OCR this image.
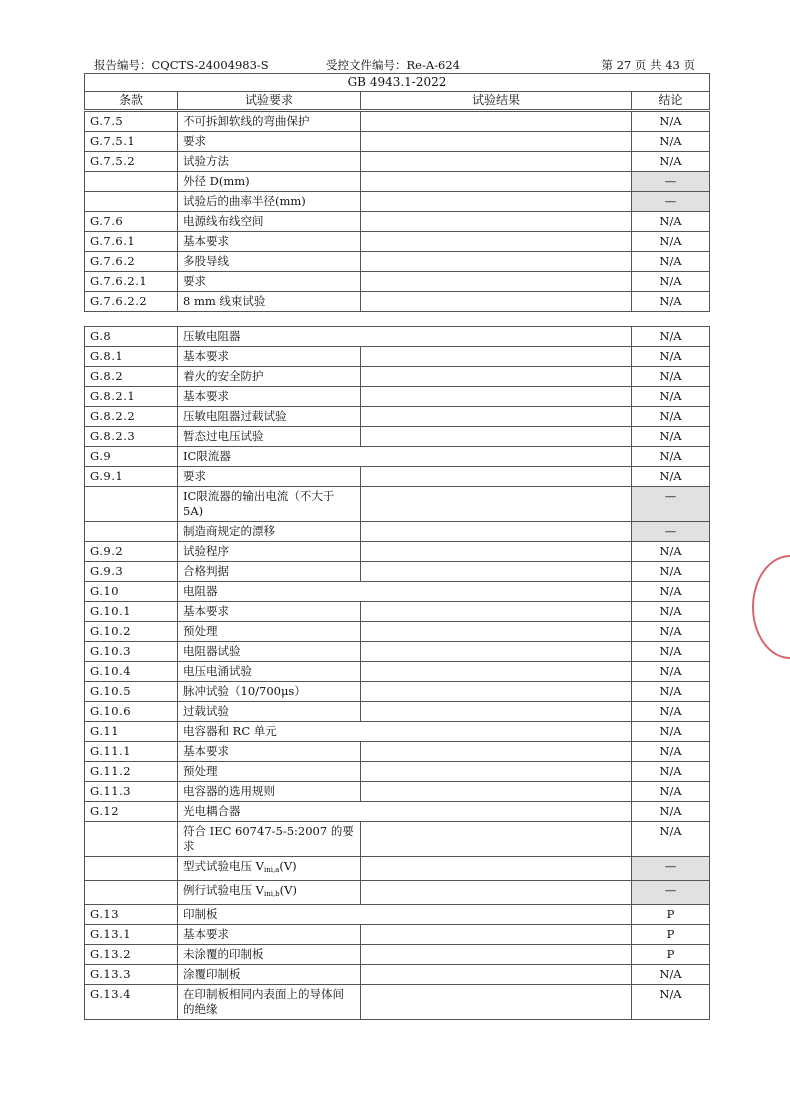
报告编号：CQCTS-24004983-S	受控文件编号：Re-A-624	第 27 页 共 43 页
GB 4943.1-2022
条款	试验要求	试验结果	结论
G.7.5	不可拆卸软线的弯曲保护		N/A
G.7.5.1	要求		N/A
G.7.5.2	试验方法		N/A
	外径 D(mm)		—
	试验后的曲率半径(mm)		—
G.7.6	电源线布线空间		N/A
G.7.6.1	基本要求		N/A
G.7.6.2	多股导线		N/A
G.7.6.2.1	要求		N/A
G.7.6.2.2	8 mm 线束试验		N/A
G.8	压敏电阻器		N/A
G.8.1	基本要求		N/A
G.8.2	着火的安全防护		N/A
G.8.2.1	基本要求		N/A
G.8.2.2	压敏电阻器过载试验		N/A
G.8.2.3	暂态过电压试验		N/A
G.9	IC限流器		N/A
G.9.1	要求		N/A
	IC限流器的输出电流（不大于 5A)		—
	制造商规定的漂移		—
G.9.2	试验程序		N/A
G.9.3	合格判据		N/A
G.10	电阻器		N/A
G.10.1	基本要求		N/A
G.10.2	预处理		N/A
G.10.3	电阻器试验		N/A
G.10.4	电压电涌试验		N/A
G.10.5	脉冲试验（10/700μs）		N/A
G.10.6	过载试验		N/A
G.11	电容器和 RC 单元		N/A
G.11.1	基本要求		N/A
G.11.2	预处理		N/A
G.11.3	电容器的选用规则		N/A
G.12	光电耦合器		N/A
	符合 IEC 60747-5-5:2007 的要求		N/A
	型式试验电压 $V_{ini,a}(V)$		—
	例行试验电压 $V_{ini,b}(V)$		—
G.13	印制板		P
G.13.1	基本要求		P
G.13.2	未涂覆的印制板		P
G.13.3	涂覆印制板		N/A
G.13.4	在印制板相同内表面上的导体间的绝缘		N/A
